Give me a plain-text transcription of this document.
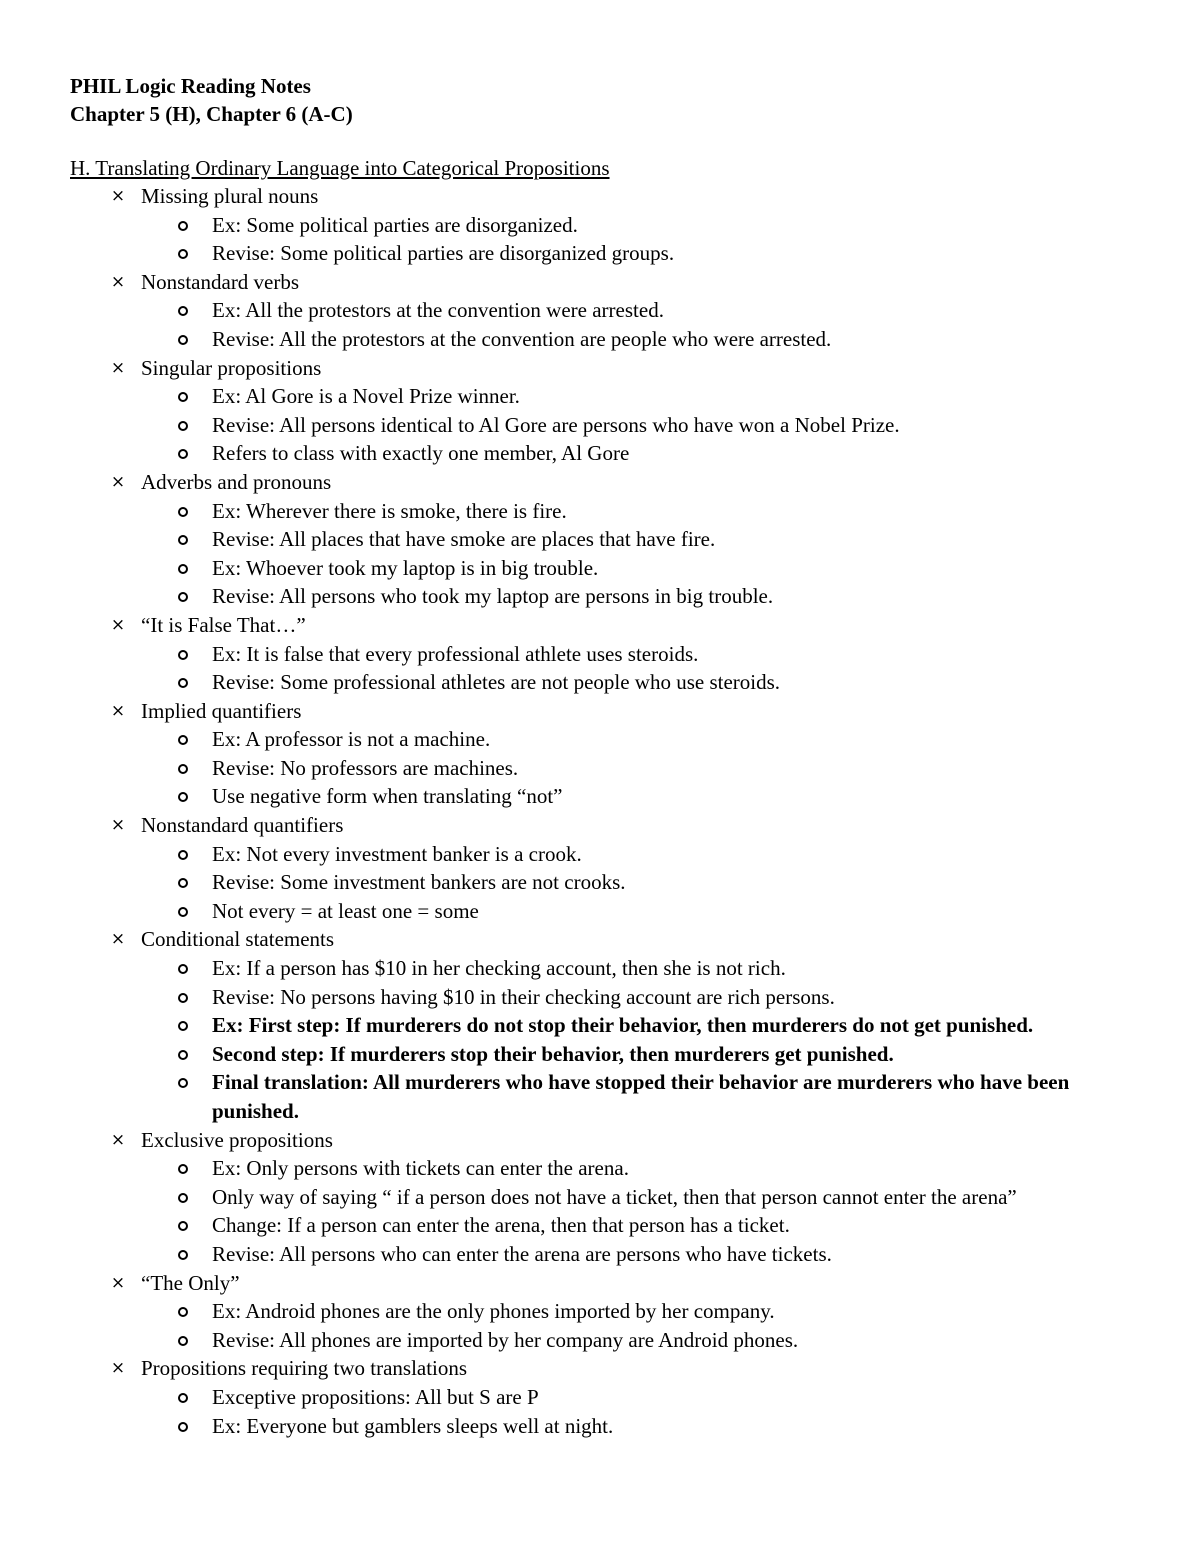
PHIL Logic Reading Notes
Chapter 5 (H), Chapter 6 (A-C)
H. Translating Ordinary Language into Categorical Propositions
× Missing plural nouns
Ex: Some political parties are disorganized.
Revise: Some political parties are disorganized groups.
× Nonstandard verbs
Ex: All the protestors at the convention were arrested.
Revise: All the protestors at the convention are people who were arrested.
× Singular propositions
Ex: Al Gore is a Novel Prize winner.
Revise: All persons identical to Al Gore are persons who have won a Nobel Prize.
Refers to class with exactly one member, Al Gore
× Adverbs and pronouns
Ex: Wherever there is smoke, there is fire.
Revise: All places that have smoke are places that have fire.
Ex: Whoever took my laptop is in big trouble.
Revise: All persons who took my laptop are persons in big trouble.
× “It is False That…”
Ex: It is false that every professional athlete uses steroids.
Revise: Some professional athletes are not people who use steroids.
× Implied quantifiers
Ex: A professor is not a machine.
Revise: No professors are machines.
Use negative form when translating “not”
× Nonstandard quantifiers
Ex: Not every investment banker is a crook.
Revise: Some investment bankers are not crooks.
Not every = at least one = some
× Conditional statements
Ex: If a person has $10 in her checking account, then she is not rich.
Revise: No persons having $10 in their checking account are rich persons.
Ex: First step: If murderers do not stop their behavior, then murderers do not get punished.
Second step: If murderers stop their behavior, then murderers get punished.
Final translation: All murderers who have stopped their behavior are murderers who have been punished.
× Exclusive propositions
Ex: Only persons with tickets can enter the arena.
Only way of saying “ if a person does not have a ticket, then that person cannot enter the arena”
Change: If a person can enter the arena, then that person has a ticket.
Revise: All persons who can enter the arena are persons who have tickets.
× “The Only”
Ex: Android phones are the only phones imported by her company.
Revise: All phones are imported by her company are Android phones.
× Propositions requiring two translations
Exceptive propositions: All but S are P
Ex: Everyone but gamblers sleeps well at night.
